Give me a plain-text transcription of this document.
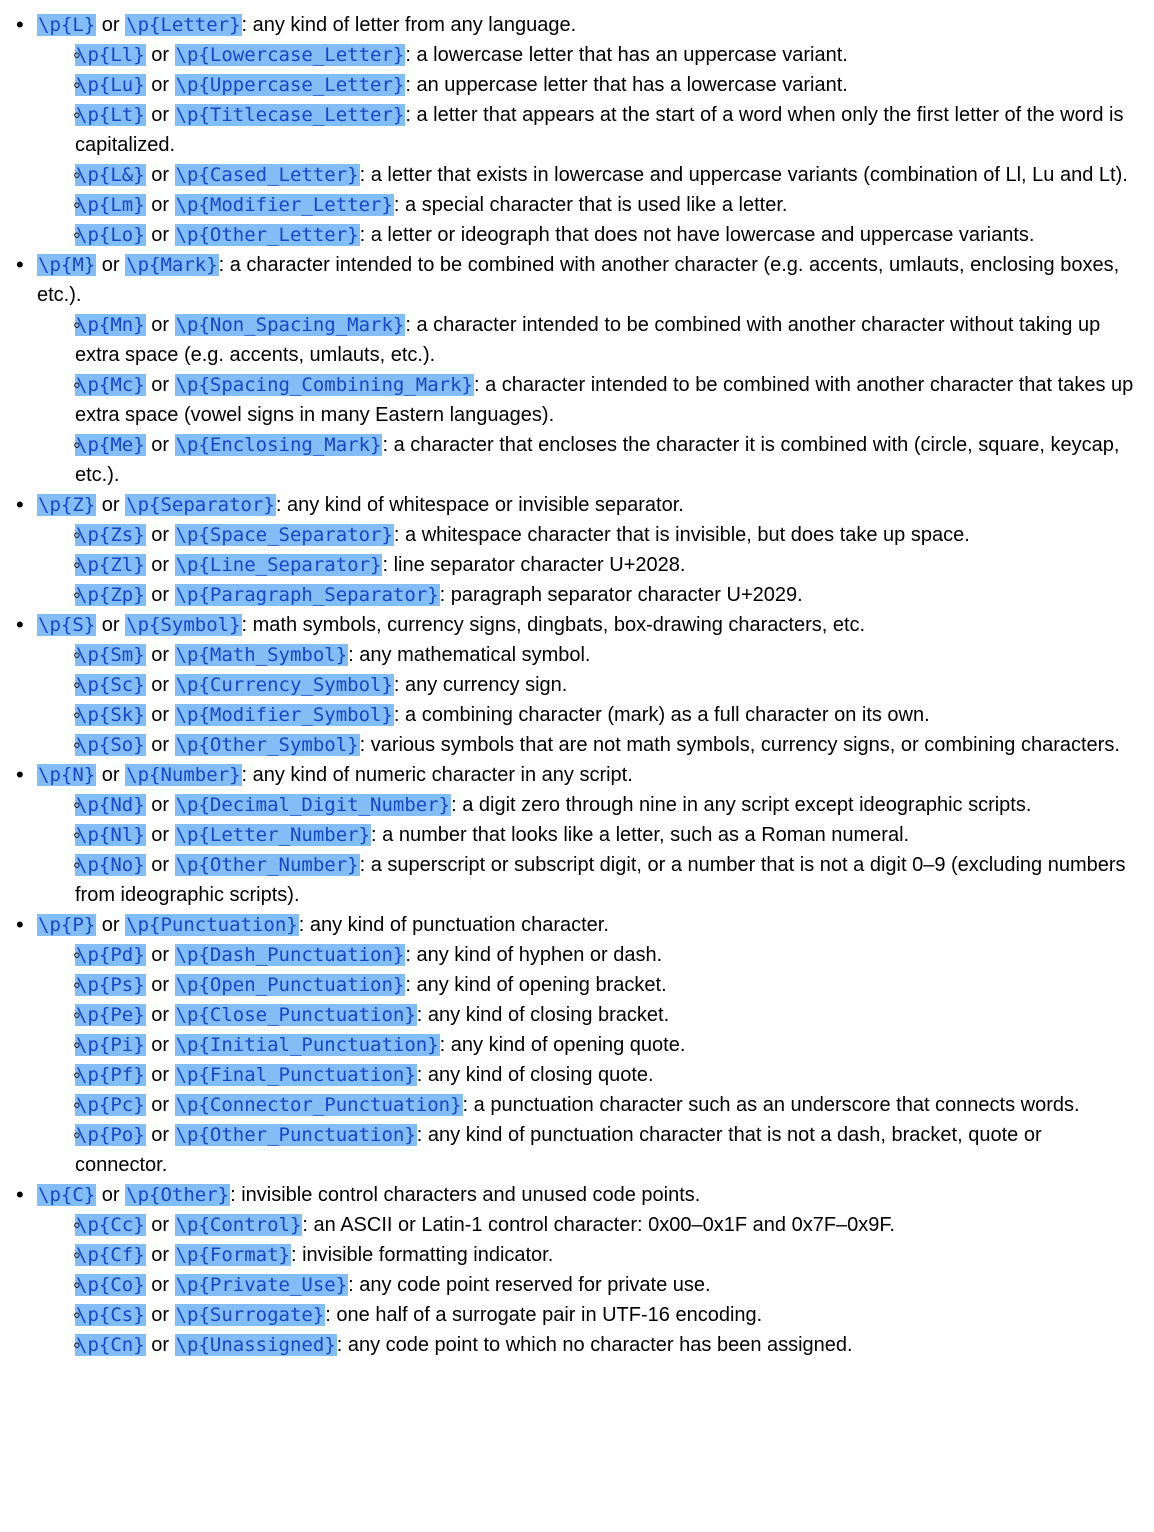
•
\p{L} or \p{Letter}: any kind of letter from any language.
◦
\p{Ll} or \p{Lowercase_Letter}: a lowercase letter that has an uppercase variant.
◦
\p{Lu} or \p{Uppercase_Letter}: an uppercase letter that has a lowercase variant.
◦
\p{Lt} or \p{Titlecase_Letter}: a letter that appears at the start of a word when only the first letter of the word is capitalized.
◦
\p{L&} or \p{Cased_Letter}: a letter that exists in lowercase and uppercase variants (combination of Ll, Lu and Lt).
◦
\p{Lm} or \p{Modifier_Letter}: a special character that is used like a letter.
◦
\p{Lo} or \p{Other_Letter}: a letter or ideograph that does not have lowercase and uppercase variants.
•
\p{M} or \p{Mark}: a character intended to be combined with another character (e.g. accents, umlauts, enclosing boxes, etc.).
◦
\p{Mn} or \p{Non_Spacing_Mark}: a character intended to be combined with another character without taking up extra space (e.g. accents, umlauts, etc.).
◦
\p{Mc} or \p{Spacing_Combining_Mark}: a character intended to be combined with another character that takes up extra space (vowel signs in many Eastern languages).
◦
\p{Me} or \p{Enclosing_Mark}: a character that encloses the character it is combined with (circle, square, keycap, etc.).
•
\p{Z} or \p{Separator}: any kind of whitespace or invisible separator.
◦
\p{Zs} or \p{Space_Separator}: a whitespace character that is invisible, but does take up space.
◦
\p{Zl} or \p{Line_Separator}: line separator character U+2028.
◦
\p{Zp} or \p{Paragraph_Separator}: paragraph separator character U+2029.
•
\p{S} or \p{Symbol}: math symbols, currency signs, dingbats, box-drawing characters, etc.
◦
\p{Sm} or \p{Math_Symbol}: any mathematical symbol.
◦
\p{Sc} or \p{Currency_Symbol}: any currency sign.
◦
\p{Sk} or \p{Modifier_Symbol}: a combining character (mark) as a full character on its own.
◦
\p{So} or \p{Other_Symbol}: various symbols that are not math symbols, currency signs, or combining characters.
•
\p{N} or \p{Number}: any kind of numeric character in any script.
◦
\p{Nd} or \p{Decimal_Digit_Number}: a digit zero through nine in any script except ideographic scripts.
◦
\p{Nl} or \p{Letter_Number}: a number that looks like a letter, such as a Roman numeral.
◦
\p{No} or \p{Other_Number}: a superscript or subscript digit, or a number that is not a digit 0–9 (excluding numbers from ideographic scripts).
•
\p{P} or \p{Punctuation}: any kind of punctuation character.
◦
\p{Pd} or \p{Dash_Punctuation}: any kind of hyphen or dash.
◦
\p{Ps} or \p{Open_Punctuation}: any kind of opening bracket.
◦
\p{Pe} or \p{Close_Punctuation}: any kind of closing bracket.
◦
\p{Pi} or \p{Initial_Punctuation}: any kind of opening quote.
◦
\p{Pf} or \p{Final_Punctuation}: any kind of closing quote.
◦
\p{Pc} or \p{Connector_Punctuation}: a punctuation character such as an underscore that connects words.
◦
\p{Po} or \p{Other_Punctuation}: any kind of punctuation character that is not a dash, bracket, quote or connector.
•
\p{C} or \p{Other}: invisible control characters and unused code points.
◦
\p{Cc} or \p{Control}: an ASCII or Latin-1 control character: 0x00–0x1F and 0x7F–0x9F.
◦
\p{Cf} or \p{Format}: invisible formatting indicator.
◦
\p{Co} or \p{Private_Use}: any code point reserved for private use.
◦
\p{Cs} or \p{Surrogate}: one half of a surrogate pair in UTF-16 encoding.
◦
\p{Cn} or \p{Unassigned}: any code point to which no character has been assigned.
